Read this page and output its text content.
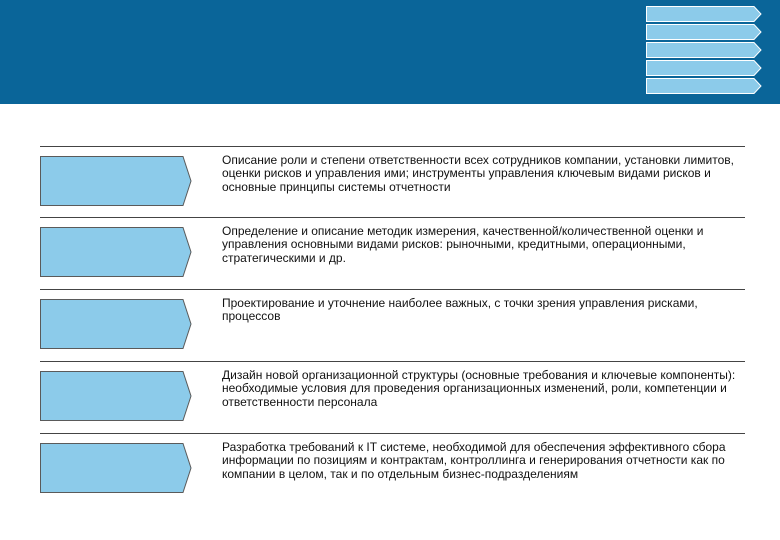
Описание роли и степени ответственности всех сотрудников компании, установки лимитов, оценки рисков и управления ими; инструменты управления ключевым видами рисков и основные принципы системы отчетности
Определение и описание методик измерения, качественной/количественной оценки и управления основными видами рисков: рыночными, кредитными, операционными, стратегическими и др.
Проектирование и уточнение наиболее важных, с точки зрения управления рисками, процессов
Дизайн новой организационной структуры (основные требования и ключевые компоненты): необходимые условия для проведения организационных изменений, роли, компетенции и ответственности персонала
Разработка требований к IT системе, необходимой для обеспечения эффективного сбора информации по позициям и контрактам, контроллинга и генерирования отчетности как по компании в целом, так и по отдельным бизнес-подразделениям
